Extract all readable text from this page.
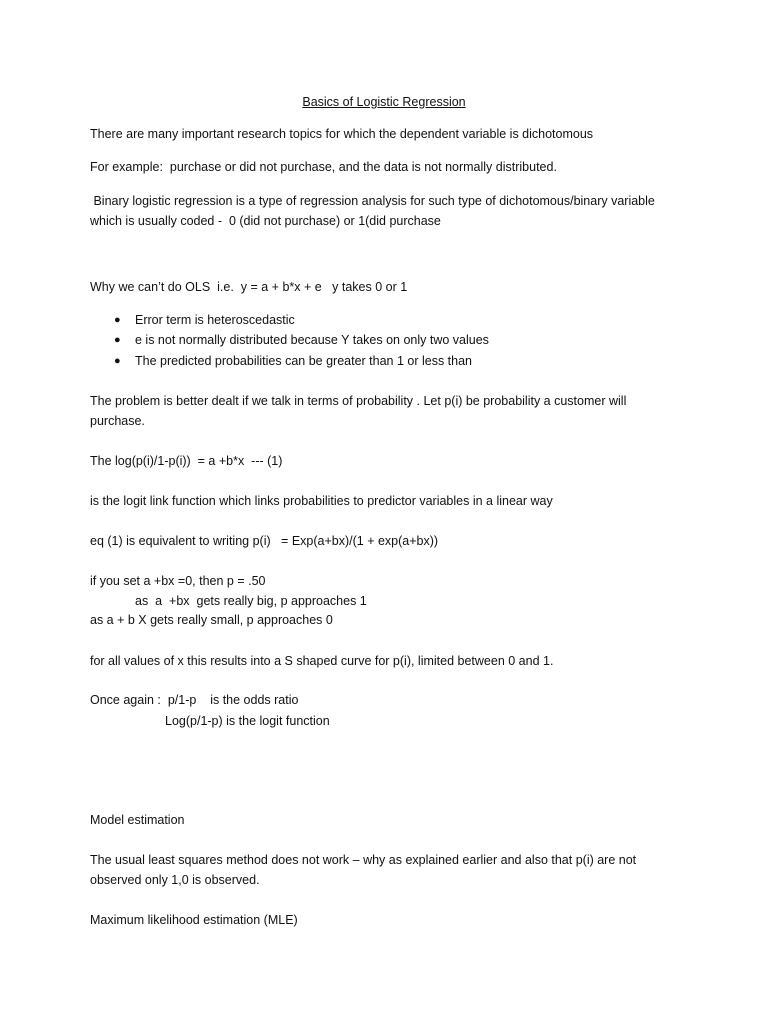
Basics of Logistic Regression
There are many important research topics for which the dependent variable is dichotomous
For example:  purchase or did not purchase, and the data is not normally distributed.
Binary logistic regression is a type of regression analysis for such type of dichotomous/binary variable
which is usually coded -  0 (did not purchase) or 1(did purchase
Why we can’t do OLS  i.e.  y = a + b*x + e   y takes 0 or 1

●

Error term is heteroscedastic

●

e is not normally distributed because Y takes on only two values

●

The predicted probabilities can be greater than 1 or less than

The problem is better dealt if we talk in terms of probability . Let p(i) be probability a customer will
purchase.
The log(p(i)/1-p(i))  = a +b*x  --- (1)
is the logit link function which links probabilities to predictor variables in a linear way
eq (1) is equivalent to writing p(i)   = Exp(a+bx)/(1 + exp(a+bx))
if you set a +bx =0, then p = .50
as  a  +bx  gets really big, p approaches 1
as a + b X gets really small, p approaches 0
for all values of x this results into a S shaped curve for p(i), limited between 0 and 1.
Once again :  p/1-p    is the odds ratio
Log(p/1-p) is the logit function
Model estimation
The usual least squares method does not work – why as explained earlier and also that p(i) are not
observed only 1,0 is observed.
Maximum likelihood estimation (MLE)
